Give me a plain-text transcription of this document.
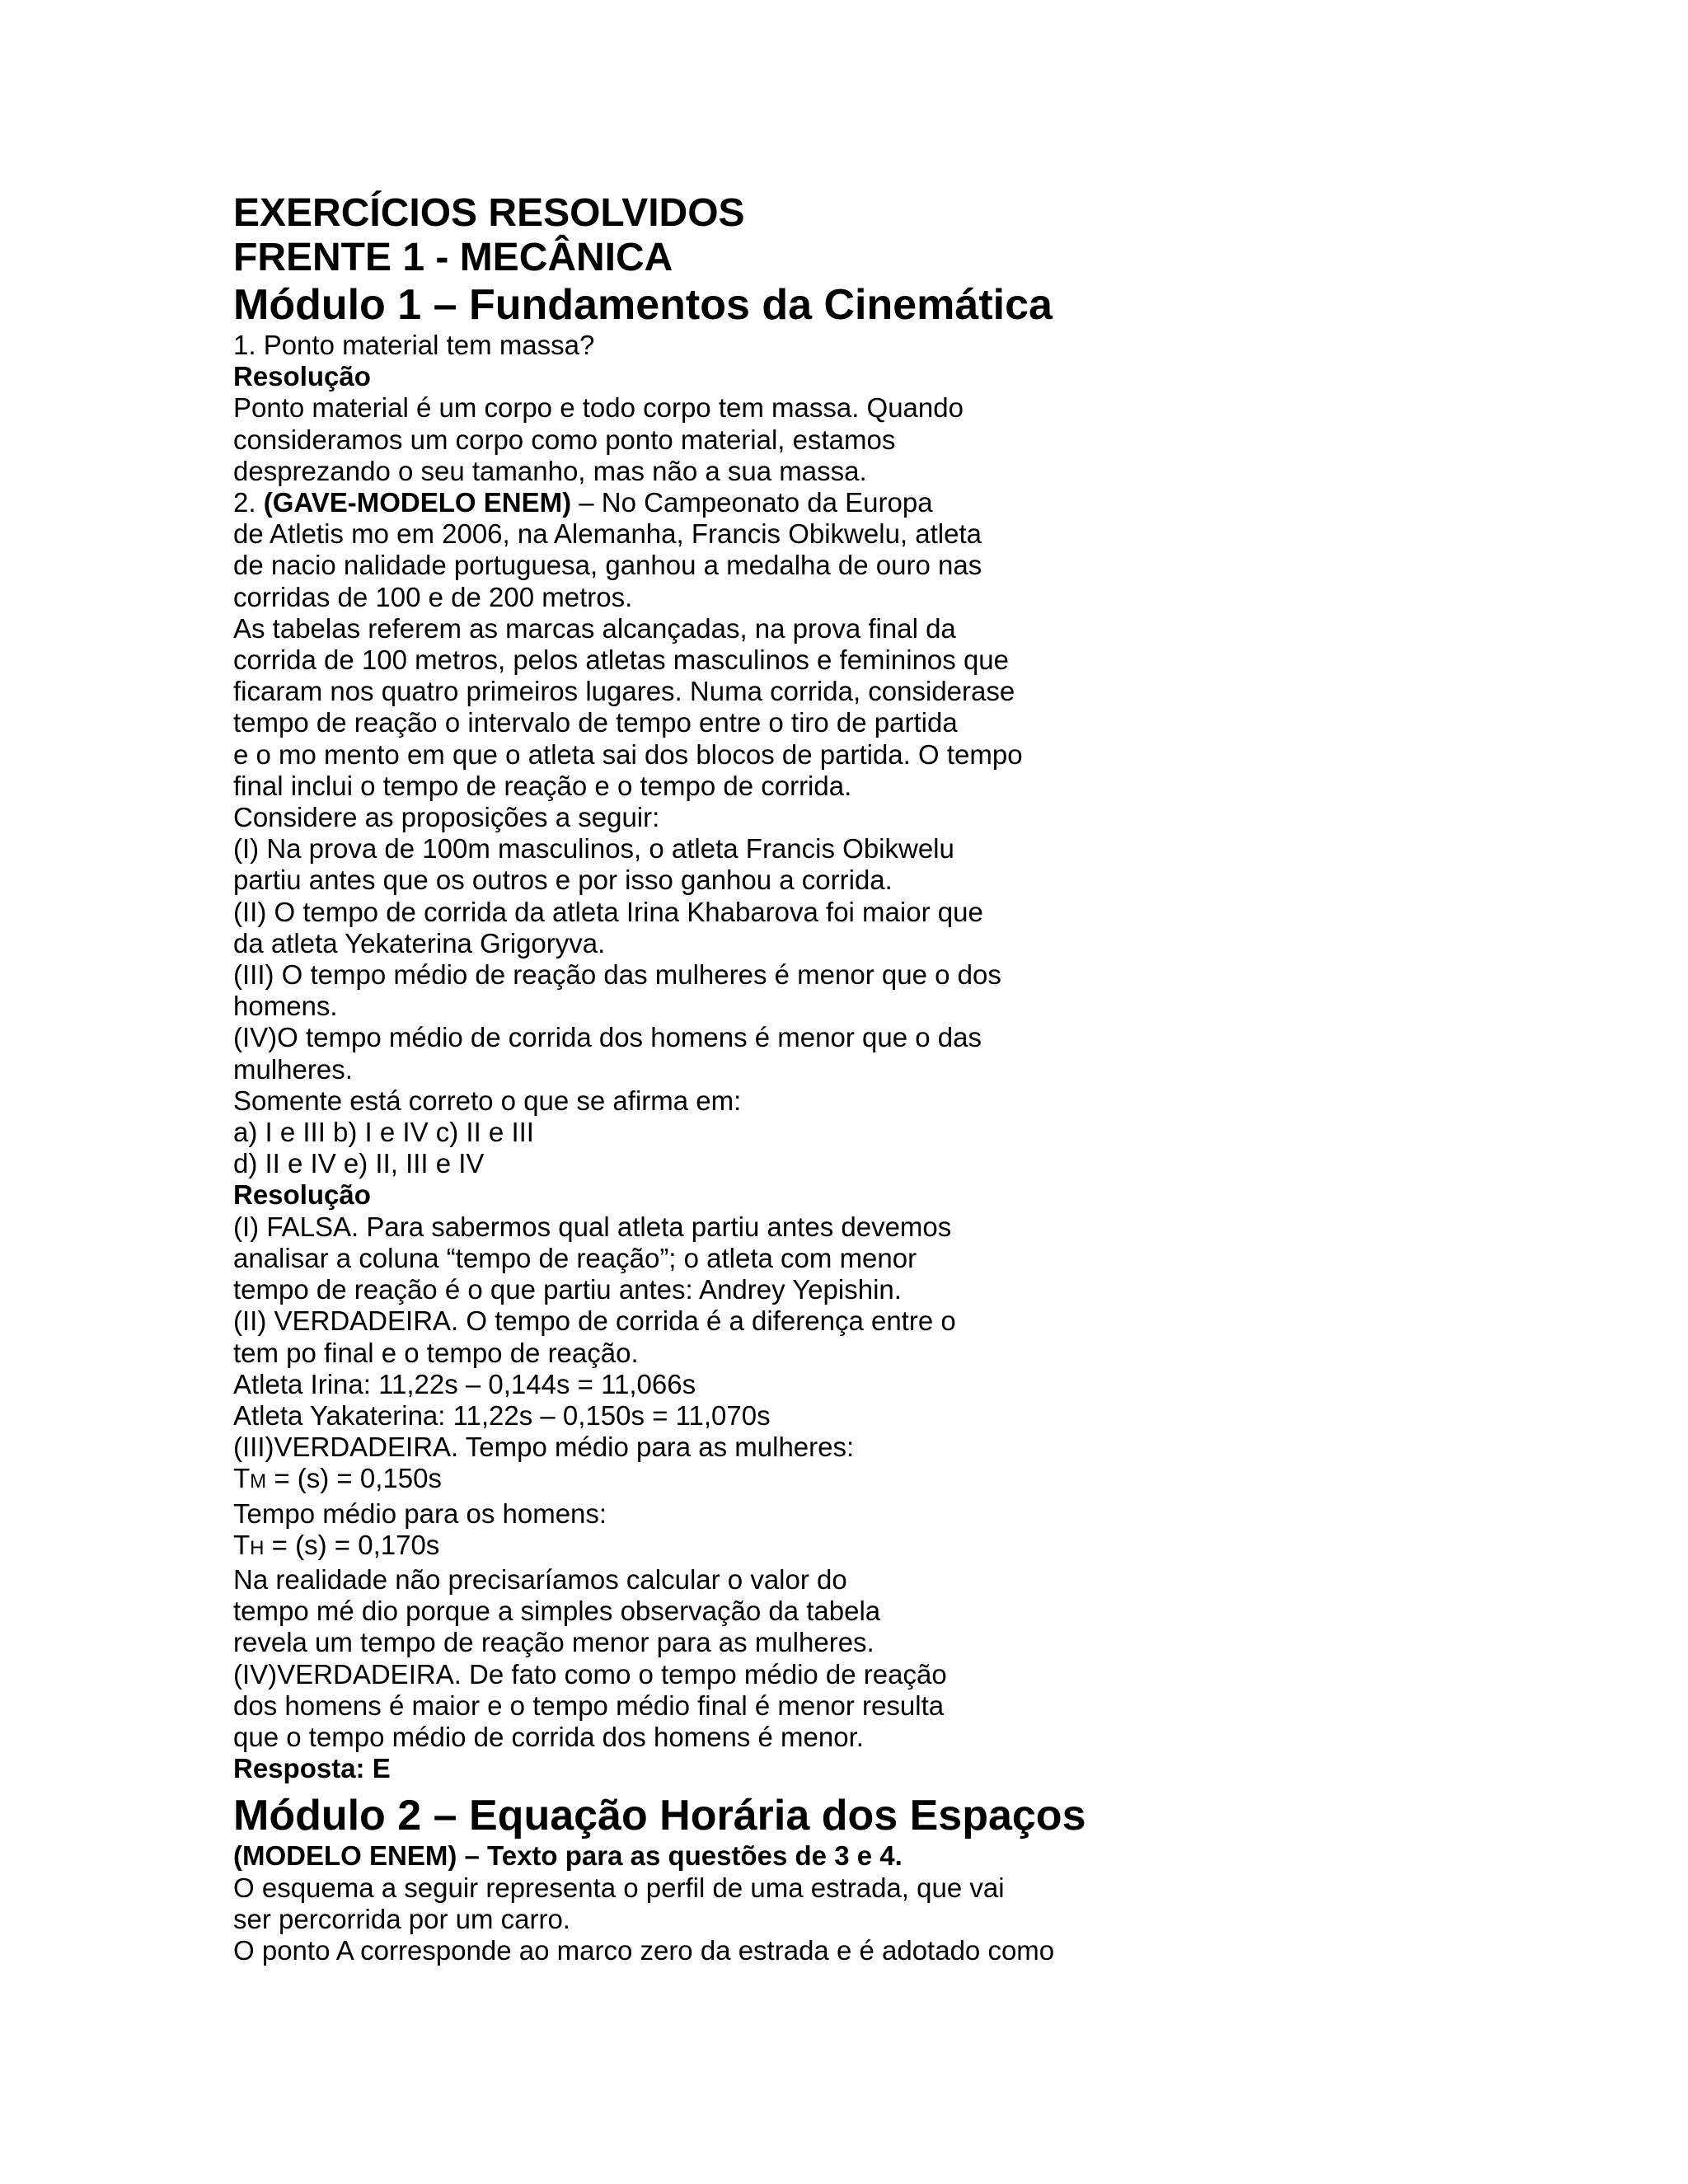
EXERCÍCIOS RESOLVIDOS
FRENTE 1 - MECÂNICA
Módulo 1 – Fundamentos da Cinemática
1. Ponto material tem massa?
Resolução
Ponto material é um corpo e todo corpo tem massa. Quando
consideramos um corpo como ponto material, estamos
desprezando o seu tamanho, mas não a sua massa.
2. (GAVE-MODELO ENEM) – No Campeonato da Europa
de Atletis mo em 2006, na Alemanha, Francis Obikwelu, atleta
de nacio nalidade portuguesa, ganhou a medalha de ouro nas
corridas de 100 e de 200 metros.
As tabelas referem as marcas alcançadas, na prova final da
corrida de 100 metros, pelos atletas masculinos e femininos que
ficaram nos quatro primeiros lugares. Numa corrida, considerase
tempo de reação o intervalo de tempo entre o tiro de partida
e o mo mento em que o atleta sai dos blocos de partida. O tempo
final inclui o tempo de reação e o tempo de corrida.
Considere as proposições a seguir:
(I) Na prova de 100m masculinos, o atleta Francis Obikwelu
partiu antes que os outros e por isso ganhou a corrida.
(II) O tempo de corrida da atleta Irina Khabarova foi maior que
da atleta Yekaterina Grigoryva.
(III) O tempo médio de reação das mulheres é menor que o dos
homens.
(IV)O tempo médio de corrida dos homens é menor que o das
mulheres.
Somente está correto o que se afirma em:
a) I e III b) I e IV c) II e III
d) II e IV e) II, III e IV
Resolução
(I) FALSA. Para sabermos qual atleta partiu antes devemos
analisar a coluna “tempo de reação”; o atleta com menor
tempo de reação é o que partiu antes: Andrey Yepishin.
(II) VERDADEIRA. O tempo de corrida é a diferença entre o
tem po final e o tempo de reação.
Atleta Irina: 11,22s – 0,144s = 11,066s
Atleta Yakaterina: 11,22s – 0,150s = 11,070s
(III)VERDADEIRA. Tempo médio para as mulheres:
TM = (s) = 0,150s
Tempo médio para os homens:
TH = (s) = 0,170s
Na realidade não precisaríamos calcular o valor do
tempo mé dio porque a simples observação da tabela
revela um tempo de reação menor para as mulheres.
(IV)VERDADEIRA. De fato como o tempo médio de reação
dos homens é maior e o tempo médio final é menor resulta
que o tempo médio de corrida dos homens é menor.
Resposta: E
Módulo 2 – Equação Horária dos Espaços
(MODELO ENEM) – Texto para as questões de 3 e 4.
O esquema a seguir representa o perfil de uma estrada, que vai
ser percorrida por um carro.
O ponto A corresponde ao marco zero da estrada e é adotado como
